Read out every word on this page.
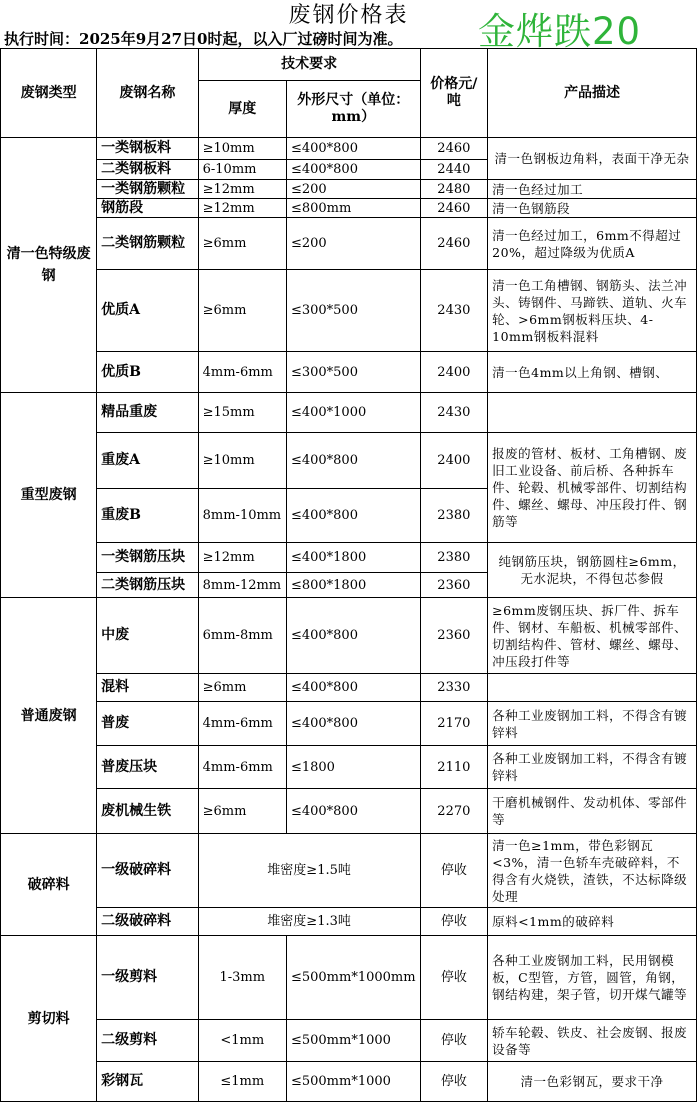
废钢价格表
执行时间：2025年9月27日0时起，以入厂过磅时间为准。 金烨跌20
废钢类型	废钢名称	技术要求		价格元/吨	产品描述
		厚度	外形尺寸（单位：mm）		

清一色特级废钢	一类钢板料	≥10mm	≤400*800	2460	清一色钢板边角料，表面干净无杂
	二类钢板料	6-10mm	≤400*800	2440	
	一类钢筋颗粒	≥12mm	≤200	2480	清一色经过加工
	钢筋段	≥12mm	≤800mm	2460	清一色钢筋段
	二类钢筋颗粒	≥6mm	≤200	2460	清一色经过加工，6mm不得超过20%，超过降级为优质A
	优质A	≥6mm	≤300*500	2430	清一色工角槽钢、钢筋头、法兰冲头、铸钢件、马蹄铁、道轨、火车轮、>6mm钢板料压块、4-10mm钢板料混料
	优质B	4mm-6mm	≤300*500	2400	清一色4mm以上角钢、槽钢、
重型废钢	精品重废	≥15mm	≤400*1000	2430	
	重废A	≥10mm	≤400*800	2400	报废的管材、板材、工角槽钢、废旧工业设备、前后桥、各种拆车件、轮毂、机械零部件、切割结构件、螺丝、螺母、冲压段打件、钢筋等
	重废B	8mm-10mm	≤400*800	2380	
	一类钢筋压块	≥12mm	≤400*1800	2380	纯钢筋压块，钢筋圆柱≥6mm，无水泥块，不得包芯参假
	二类钢筋压块	8mm-12mm	≤800*1800	2360	
普通废钢	中废	6mm-8mm	≤400*800	2360	≥6mm废钢压块、拆厂件、拆车件、钢材、车船板、机械零部件、切割结构件、管材、螺丝、螺母、冲压段打件等
	混料	≥6mm	≤400*800	2330	
	普废	4mm-6mm	≤400*800	2170	各种工业废钢加工料，不得含有镀锌料
	普废压块	4mm-6mm	≤1800	2110	各种工业废钢加工料，不得含有镀锌料
	废机械生铁	≥6mm	≤400*800	2270	干磨机械钢件、发动机体、零部件等
破碎料	一级破碎料	堆密度≥1.5吨		停收	清一色≥1mm，带色彩钢瓦<3%，清一色轿车壳破碎料，不得含有火烧铁，渣铁，不达标降级处理
	二级破碎料	堆密度≥1.3吨		停收	原料<1mm的破碎料
剪切料	一级剪料	1-3mm	≤500mm*1000mm	停收	各种工业废钢加工料，民用钢模板，C型管，方管，圆管，角钢，钢结构建，架子管，切开煤气罐等
	二级剪料	<1mm	≤500mm*1000	停收	轿车轮毂、铁皮、社会废钢、报废设备等
	彩钢瓦	≤1mm	≤500mm*1000	停收	清一色彩钢瓦，要求干净
